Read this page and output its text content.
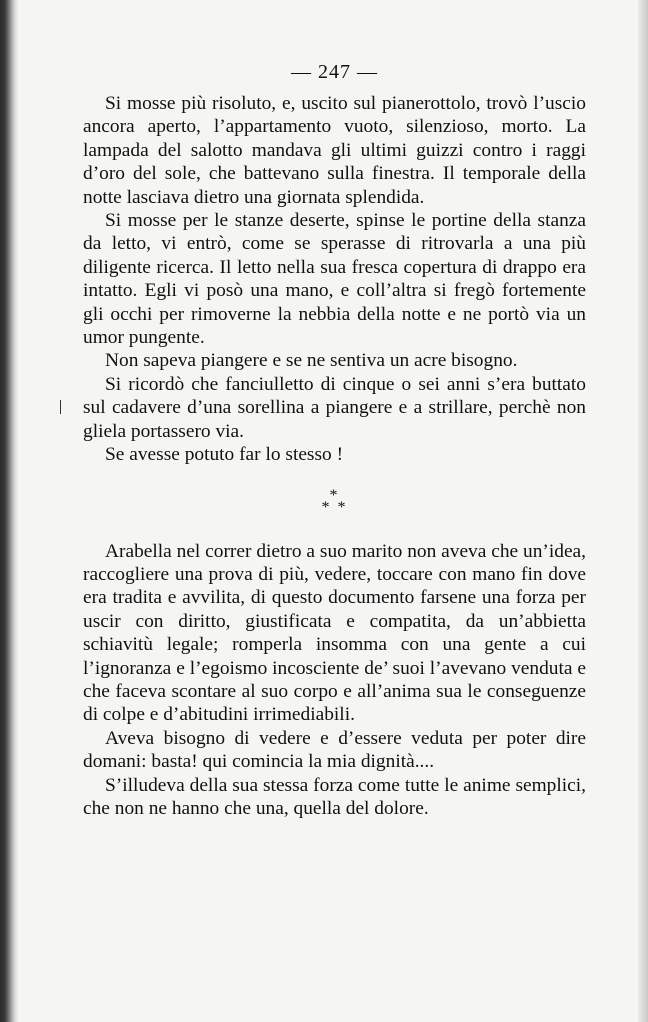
— 247 —

Si mosse più risoluto, e, uscito sul pianerottolo, trovò l’uscio ancora aperto, l’appartamento vuoto, silenzioso, morto. La lampada del salotto mandava gli ultimi guizzi contro i raggi d’oro del sole, che battevano sulla finestra. Il temporale della notte lasciava dietro una giornata splendida.

Si mosse per le stanze deserte, spinse le portine della stanza da letto, vi entrò, come se sperasse di ritrovarla a una più diligente ricerca. Il letto nella sua fresca copertura di drappo era intatto. Egli vi posò una mano, e coll’altra si fregò fortemente gli occhi per rimoverne la nebbia della notte e ne portò via un umor pungente.

Non sapeva piangere e se ne sentiva un acre bisogno.

Si ricordò che fanciulletto di cinque o sei anni s’era buttato sul cadavere d’una sorellina a piangere e a strillare, perchè non gliela portassero via.

Se avesse potuto far lo stesso !

*
* *

Arabella nel correr dietro a suo marito non aveva che un’idea, raccogliere una prova di più, vedere, toccare con mano fin dove era tradita e avvilita, di questo documento farsene una forza per uscir con diritto, giustificata e compatita, da un’abbietta schiavitù legale; romperla insomma con una gente a cui l’ignoranza e l’egoismo incosciente de’ suoi l’avevano venduta e che faceva scontare al suo corpo e all’anima sua le conseguenze di colpe e d’abitudini irrimediabili.

Aveva bisogno di vedere e d’essere veduta per poter dire domani: basta! qui comincia la mia dignità....

S’illudeva della sua stessa forza come tutte le anime semplici, che non ne hanno che una, quella del dolore.
